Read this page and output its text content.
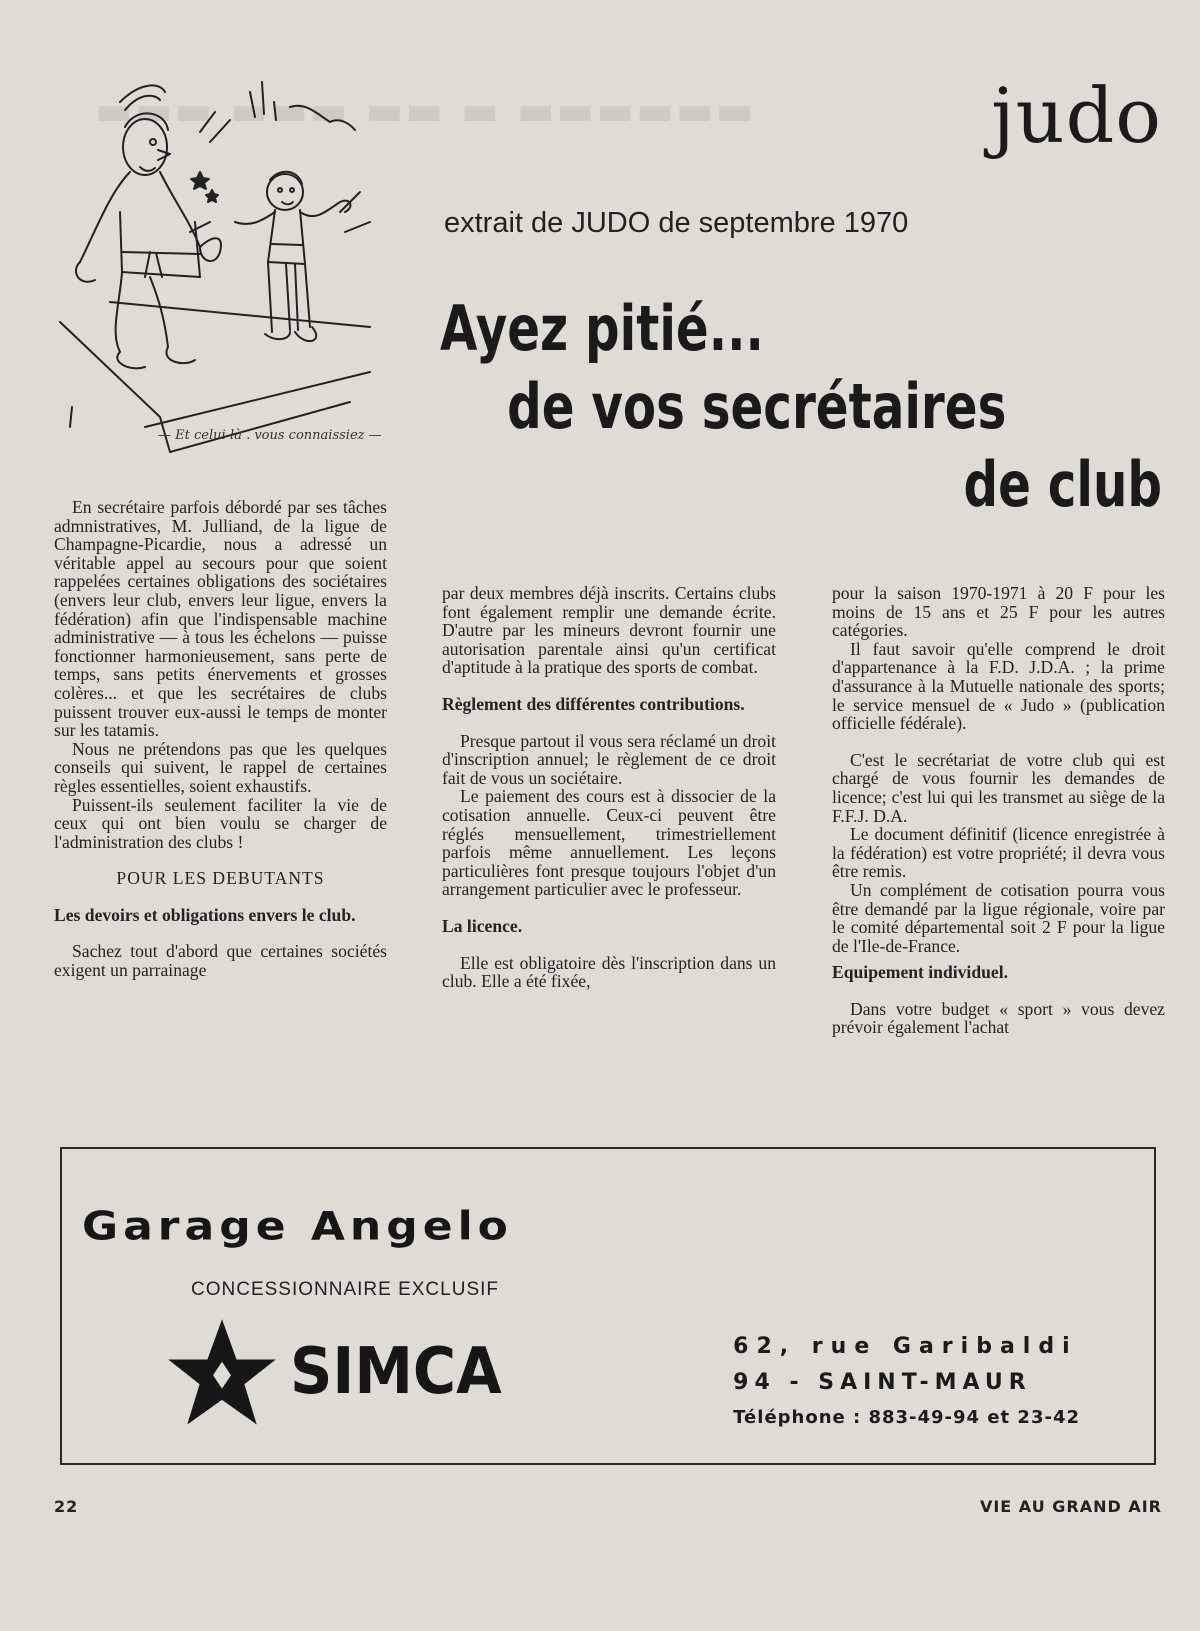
▬▬▬ ▬▬▬ ▬▬ ▬ ▬▬▬▬▬▬	judo
— Et celui-là . vous connaissiez —
extrait de JUDO de septembre 1970
Ayez pitié...
de vos secrétaires
de club

En secrétaire parfois débordé par ses tâches admnistratives, M. Julliand, de la ligue de Champagne-Picardie, nous a adressé un véritable appel au secours pour que soient rappelées certaines obligations des sociétaires (envers leur club, envers leur ligue, envers la fédération) afin que l'indispensable machine administrative — à tous les échelons — puisse fonctionner harmonieusement, sans perte de temps, sans petits énervements et grosses colères... et que les secrétaires de clubs puissent trouver eux-aussi le temps de monter sur les tatamis.

Nous ne prétendons pas que les quelques conseils qui suivent, le rappel de certaines règles essentielles, soient exhaustifs.

Puissent-ils seulement faciliter la vie de ceux qui ont bien voulu se charger de l'administration des clubs !

POUR LES DEBUTANTS

Les devoirs et obligations envers le club.

Sachez tout d'abord que certaines sociétés exigent un parrainage

par deux membres déjà inscrits. Certains clubs font également remplir une demande écrite. D'autre par les mineurs devront fournir une autorisation parentale ainsi qu'un certificat d'aptitude à la pratique des sports de combat.

Règlement des différentes contributions.

Presque partout il vous sera réclamé un droit d'inscription annuel; le règlement de ce droit fait de vous un sociétaire.

Le paiement des cours est à dissocier de la cotisation annuelle. Ceux-ci peuvent être réglés mensuellement, trimestriellement parfois même annuellement. Les leçons particulières font presque toujours l'objet d'un arrangement particulier avec le professeur.

La licence.

Elle est obligatoire dès l'inscription dans un club. Elle a été fixée,

pour la saison 1970-1971 à 20 F pour les moins de 15 ans et 25 F pour les autres catégories.

Il faut savoir qu'elle comprend le droit d'appartenance à la F.D. J.D.A. ; la prime d'assurance à la Mutuelle nationale des sports; le service mensuel de « Judo » (publication officielle fédérale).

C'est le secrétariat de votre club qui est chargé de vous fournir les demandes de licence; c'est lui qui les transmet au siège de la F.F.J. D.A.

Le document définitif (licence enregistrée à la fédération) est votre propriété; il devra vous être remis.

Un complément de cotisation pourra vous être demandé par la ligue régionale, voire par le comité départemental soit 2 F pour la ligue de l'Ile-de-France.

Equipement individuel.

Dans votre budget « sport » vous devez prévoir également l'achat

Garage Angelo
CONCESSIONNAIRE EXCLUSIF
SIMCA	62, rue Garibaldi
94 - SAINT-MAUR
Téléphone : 883-49-94 et 23-42
22	VIE AU GRAND AIR
